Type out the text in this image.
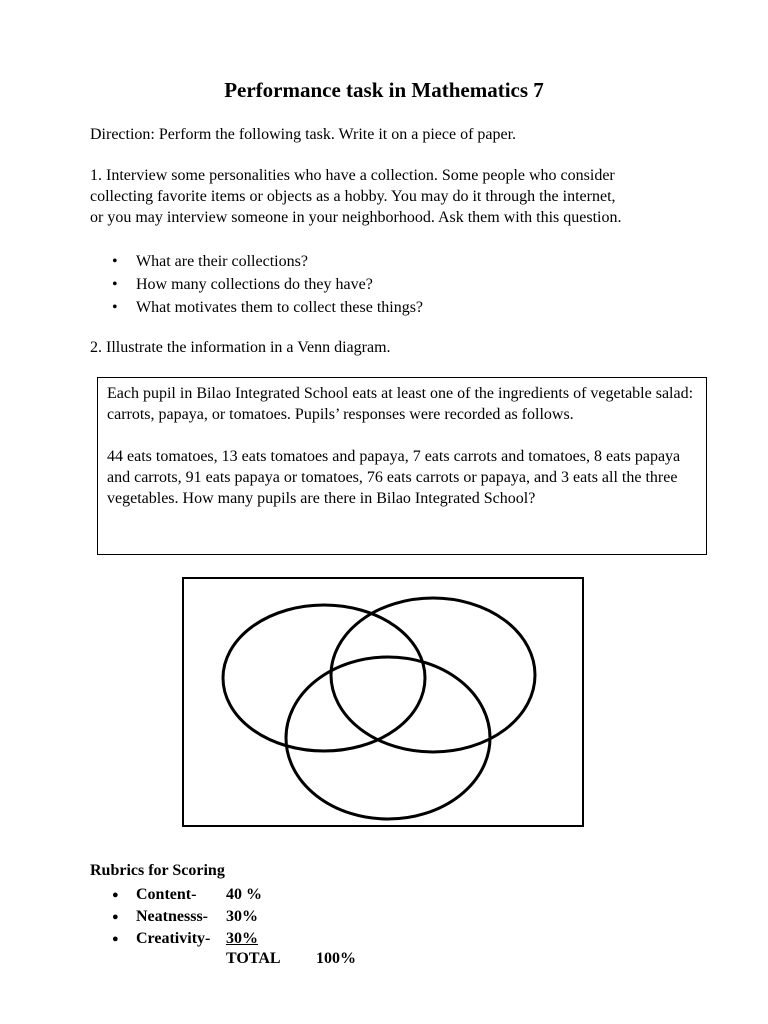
Performance task in Mathematics 7
Direction: Perform the following task. Write it on a piece of paper.
1. Interview some personalities who have a collection. Some people who consider
collecting favorite items or objects as a hobby. You may do it through the internet,
or you may interview someone in your neighborhood. Ask them with this question.
• What are their collections?
• How many collections do they have?
• What motivates them to collect these things?
2. Illustrate the information in a Venn diagram.

Each pupil in Bilao Integrated School eats at least one of the ingredients of vegetable salad: carrots, papaya, or tomatoes. Pupils’ responses were recorded as follows.

44 eats tomatoes, 13 eats tomatoes and papaya, 7 eats carrots and tomatoes, 8 eats papaya and carrots, 91 eats papaya or tomatoes, 76 eats carrots or papaya, and 3 eats all the three vegetables. How many pupils are there in Bilao Integrated School?

Rubrics for Scoring
● Content- 40 %
● Neatnesss- 30%
● Creativity- 30%
TOTAL 100%
